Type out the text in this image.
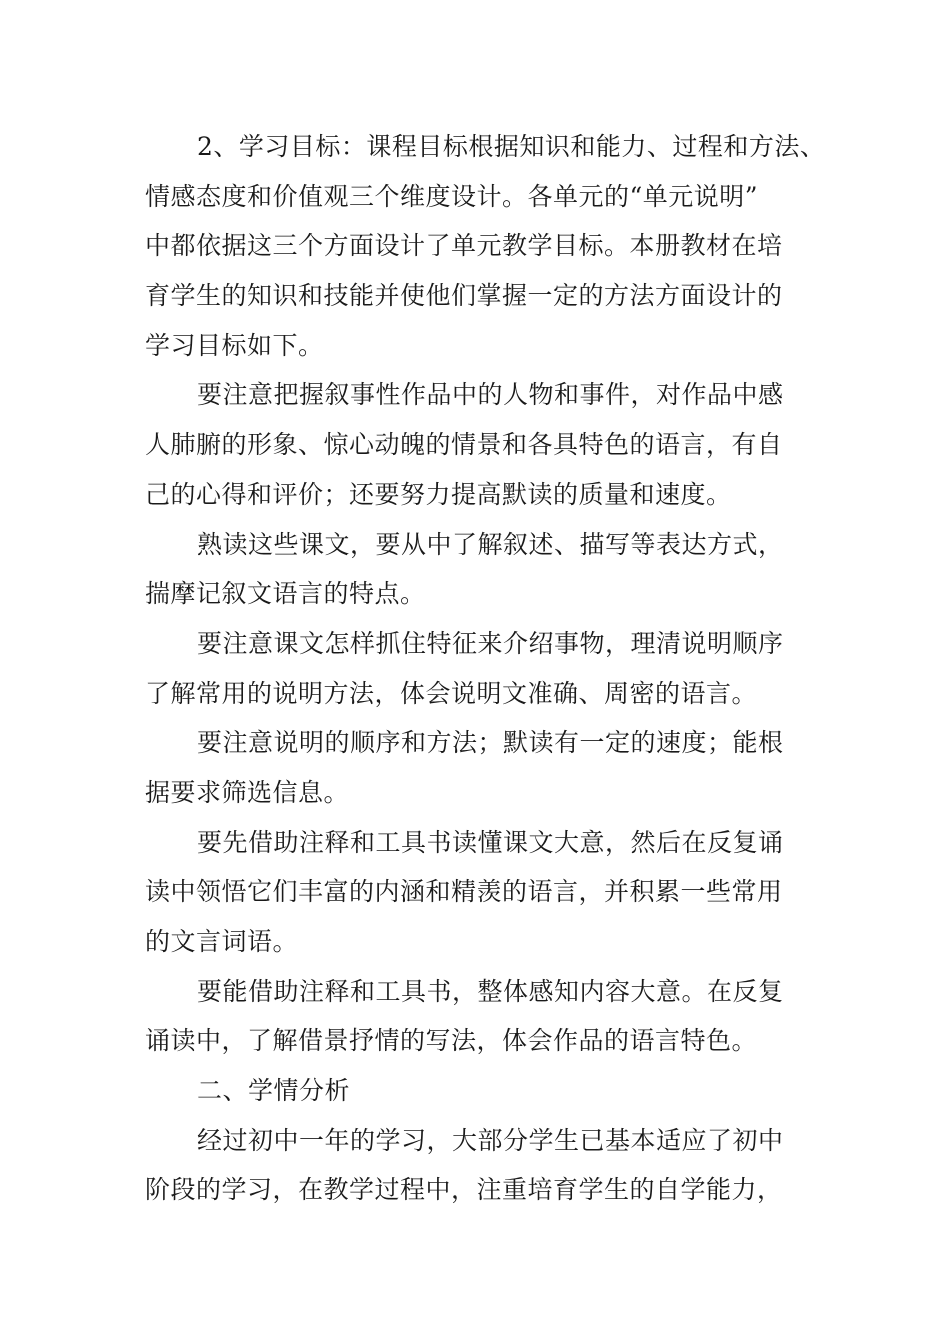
2、学习目标：课程目标根据知识和能力、过程和方法、
情感态度和价值观三个维度设计。各单元的“单元说明”
中都依据这三个方面设计了单元教学目标。本册教材在培
育学生的知识和技能并使他们掌握一定的方法方面设计的
学习目标如下。
要注意把握叙事性作品中的人物和事件，对作品中感
人肺腑的形象、惊心动魄的情景和各具特色的语言，有自
己的心得和评价；还要努力提高默读的质量和速度。
熟读这些课文，要从中了解叙述、描写等表达方式，
揣摩记叙文语言的特点。
要注意课文怎样抓住特征来介绍事物，理清说明顺序
了解常用的说明方法，体会说明文准确、周密的语言。
要注意说明的顺序和方法；默读有一定的速度；能根
据要求筛选信息。
要先借助注释和工具书读懂课文大意，然后在反复诵
读中领悟它们丰富的内涵和精羡的语言，并积累一些常用
的文言词语。
要能借助注释和工具书，整体感知内容大意。在反复
诵读中，了解借景抒情的写法，体会作品的语言特色。
二、学情分析
经过初中一年的学习，大部分学生已基本适应了初中
阶段的学习，在教学过程中，注重培育学生的自学能力，
